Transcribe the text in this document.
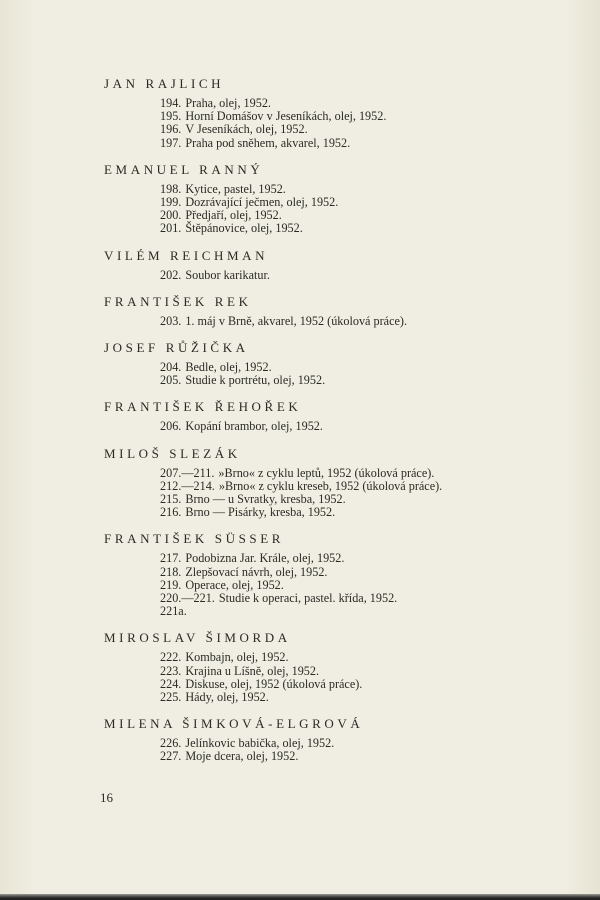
JAN RAJLICH
194. Praha, olej, 1952.
195. Horní Domášov v Jeseníkách, olej, 1952.
196. V Jeseníkách, olej, 1952.
197. Praha pod sněhem, akvarel, 1952.
EMANUEL RANNÝ
198. Kytice, pastel, 1952.
199. Dozrávající ječmen, olej, 1952.
200. Předjaří, olej, 1952.
201. Štěpánovice, olej, 1952.
VILÉM REICHMAN
202. Soubor karikatur.
FRANTIŠEK REK
203. 1. máj v Brně, akvarel, 1952 (úkolová práce).
JOSEF RŮŽIČKA
204. Bedle, olej, 1952.
205. Studie k portrétu, olej, 1952.
FRANTIŠEK ŘEHOŘEK
206. Kopání brambor, olej, 1952.
MILOŠ SLEZÁK
207.—211. »Brno« z cyklu leptů, 1952 (úkolová práce).
212.—214. »Brno« z cyklu kreseb, 1952 (úkolová práce).
215. Brno — u Svratky, kresba, 1952.
216. Brno — Pisárky, kresba, 1952.
FRANTIŠEK SÜSSER
217. Podobizna Jar. Krále, olej, 1952.
218. Zlepšovací návrh, olej, 1952.
219. Operace, olej, 1952.
220.—221. Studie k operaci, pastel. křída, 1952.
221a.
MIROSLAV ŠIMORDA
222. Kombajn, olej, 1952.
223. Krajina u Líšně, olej, 1952.
224. Diskuse, olej, 1952 (úkolová práce).
225. Hády, olej, 1952.
MILENA ŠIMKOVÁ-ELGROVÁ
226. Jelínkovic babička, olej, 1952.
227. Moje dcera, olej, 1952.
16
